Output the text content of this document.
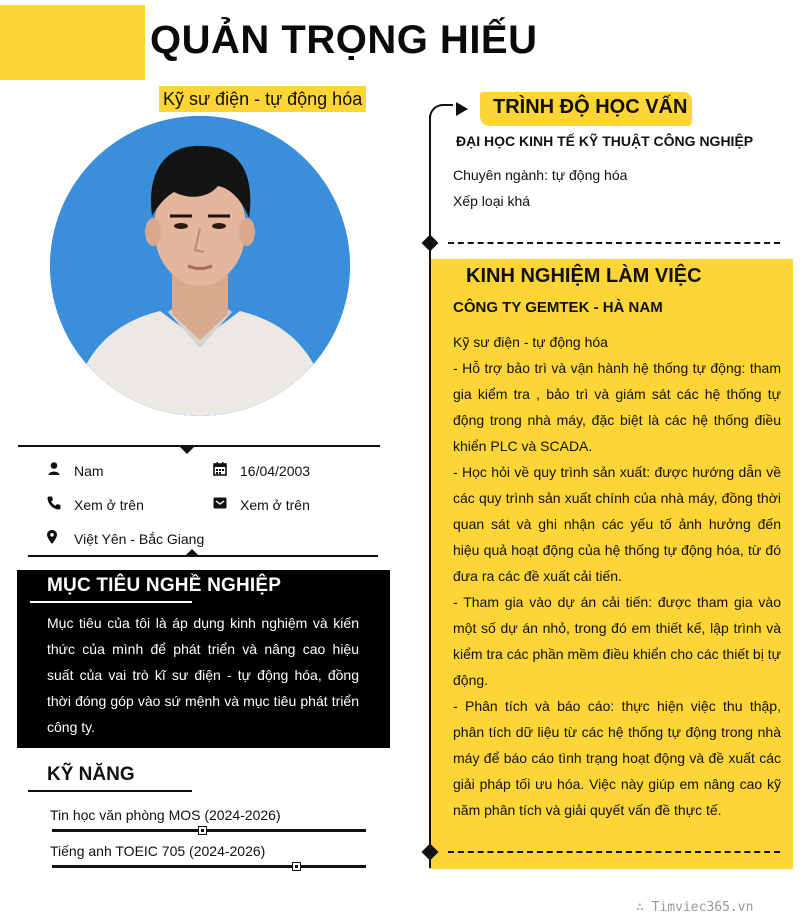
QUẢN TRỌNG HIẾU
Kỹ sư điện - tự động hóa
Nam	16/04/2003
Xem ở trên	Xem ở trên
Việt Yên - Bắc Giang
MỤC TIÊU NGHỀ NGHIỆP
Mục tiêu của tôi là áp dụng kinh nghiệm và kiến thức của mình để phát triển và nâng cao hiệu suất của vai trò kĩ sư điện - tự động hóa, đồng thời đóng góp vào sứ mệnh và mục tiêu phát triển công ty.
KỸ NĂNG
Tin học văn phòng MOS (2024-2026)
Tiếng anh TOEIC 705 (2024-2026)
TRÌNH ĐỘ HỌC VẤN
ĐẠI HỌC KINH TẾ KỸ THUẬT CÔNG NGHIỆP
Chuyên ngành: tự động hóa
Xếp loại khá
KINH NGHIỆM LÀM VIỆC
CÔNG TY GEMTEK - HÀ NAM

Kỹ sư điện - tự động hóa

- Hỗ trợ bảo trì và vận hành hệ thống tự động: tham gia kiểm tra , bảo trì và giám sát các hệ thống tự động trong nhà máy, đặc biệt là các hệ thống điều khiển PLC và SCADA.

- Học hỏi về quy trình sản xuất: được hướng dẫn về các quy trình sản xuất chính của nhà máy, đồng thời quan sát và ghi nhận các yếu tố ảnh hưởng đến hiệu quả hoạt động của hệ thống tự động hóa, từ đó đưa ra các đề xuất cải tiến.

- Tham gia vào dự án cải tiến: được tham gia vào một số dự án nhỏ, trong đó em thiết kế, lập trình và kiểm tra các phần mềm điều khiển cho các thiết bị tự động.

- Phân tích và báo cáo: thực hiện việc thu thập, phân tích dữ liệu từ các hệ thống tự động trong nhà máy để báo cáo tình trạng hoạt động và đề xuất các giải pháp tối ưu hóa. Việc này giúp em nâng cao kỹ năm phân tích và giải quyết vấn đề thực tế.

∴ Timviec365.vn
